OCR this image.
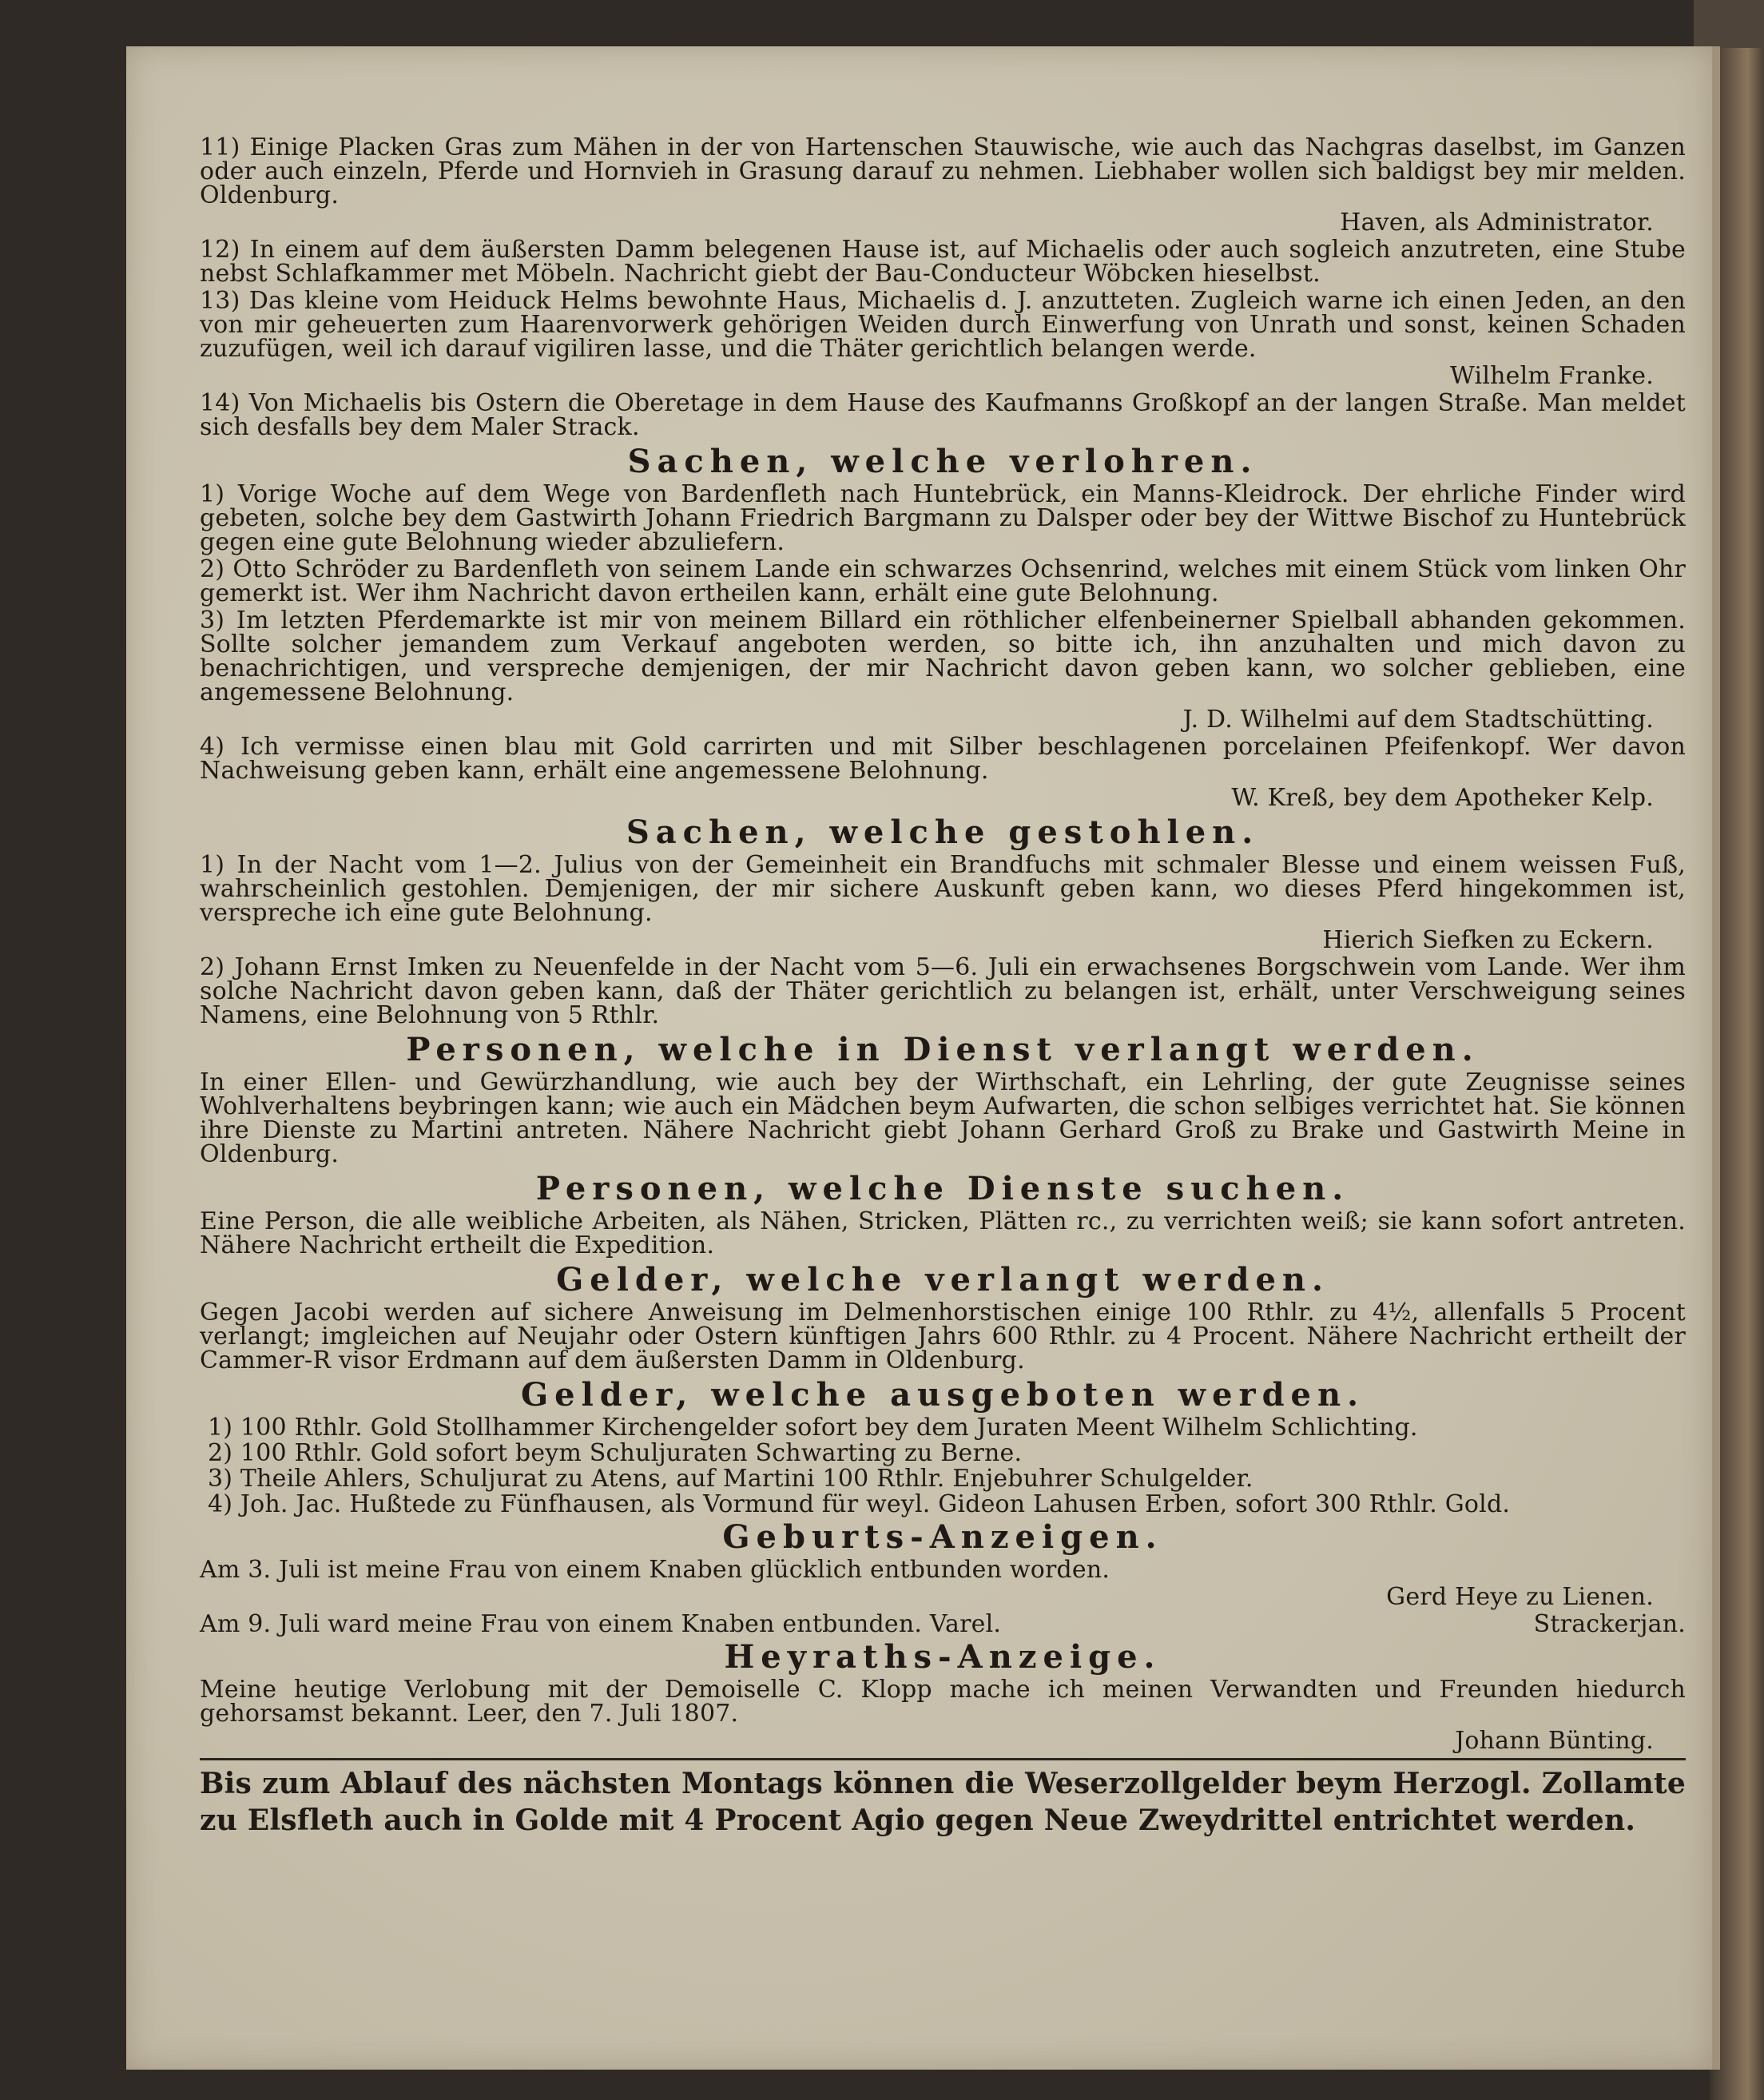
11) Einige Placken Gras zum Mähen in der von Hartenschen Stauwische, wie auch das Nachgras daselbst, im Ganzen oder auch einzeln, Pferde und Hornvieh in Grasung darauf zu nehmen. Liebhaber wollen sich baldigst bey mir melden. Oldenburg.

Haven, als Administrator.

12) In einem auf dem äußersten Damm belegenen Hause ist, auf Michaelis oder auch sogleich anzutreten, eine Stube nebst Schlafkammer met Möbeln. Nachricht giebt der Bau-Conducteur Wöbcken hieselbst.

13) Das kleine vom Heiduck Helms bewohnte Haus, Michaelis d. J. anzutteten. Zugleich warne ich einen Jeden, an den von mir geheuerten zum Haarenvorwerk gehörigen Weiden durch Einwerfung von Unrath und sonst, keinen Schaden zuzufügen, weil ich darauf vigiliren lasse, und die Thäter gerichtlich belangen werde.

Wilhelm Franke.

14) Von Michaelis bis Ostern die Oberetage in dem Hause des Kaufmanns Großkopf an der langen Straße. Man meldet sich desfalls bey dem Maler Strack.

Sachen, welche verlohren.

1) Vorige Woche auf dem Wege von Bardenfleth nach Huntebrück, ein Manns-Kleidrock. Der ehrliche Finder wird gebeten, solche bey dem Gastwirth Johann Friedrich Bargmann zu Dalsper oder bey der Wittwe Bischof zu Huntebrück gegen eine gute Belohnung wieder abzuliefern.

2) Otto Schröder zu Bardenfleth von seinem Lande ein schwarzes Ochsenrind, welches mit einem Stück vom linken Ohr gemerkt ist. Wer ihm Nachricht davon ertheilen kann, erhält eine gute Belohnung.

3) Im letzten Pferdemarkte ist mir von meinem Billard ein röthlicher elfenbeinerner Spielball abhanden gekommen. Sollte solcher jemandem zum Verkauf angeboten werden, so bitte ich, ihn anzuhalten und mich davon zu benachrichtigen, und verspreche demjenigen, der mir Nachricht davon geben kann, wo solcher geblieben, eine angemessene Belohnung.

J. D. Wilhelmi auf dem Stadtschütting.

4) Ich vermisse einen blau mit Gold carrirten und mit Silber beschlagenen porcelainen Pfeifenkopf. Wer davon Nachweisung geben kann, erhält eine angemessene Belohnung.

W. Kreß, bey dem Apotheker Kelp.

Sachen, welche gestohlen.

1) In der Nacht vom 1—2. Julius von der Gemeinheit ein Brandfuchs mit schmaler Blesse und einem weissen Fuß, wahrscheinlich gestohlen. Demjenigen, der mir sichere Auskunft geben kann, wo dieses Pferd hingekommen ist, verspreche ich eine gute Belohnung.

Hierich Siefken zu Eckern.

2) Johann Ernst Imken zu Neuenfelde in der Nacht vom 5—6. Juli ein erwachsenes Borgschwein vom Lande. Wer ihm solche Nachricht davon geben kann, daß der Thäter gerichtlich zu belangen ist, erhält, unter Verschweigung seines Namens, eine Belohnung von 5 Rthlr.

Personen, welche in Dienst verlangt werden.

In einer Ellen- und Gewürzhandlung, wie auch bey der Wirthschaft, ein Lehrling, der gute Zeugnisse seines Wohlverhaltens beybringen kann; wie auch ein Mädchen beym Aufwarten, die schon selbiges verrichtet hat. Sie können ihre Dienste zu Martini antreten. Nähere Nachricht giebt Johann Gerhard Groß zu Brake und Gastwirth Meine in Oldenburg.

Personen, welche Dienste suchen.

Eine Person, die alle weibliche Arbeiten, als Nähen, Stricken, Plätten rc., zu verrichten weiß; sie kann sofort antreten. Nähere Nachricht ertheilt die Expedition.

Gelder, welche verlangt werden.

Gegen Jacobi werden auf sichere Anweisung im Delmenhorstischen einige 100 Rthlr. zu 4½, allenfalls 5 Procent verlangt; imgleichen auf Neujahr oder Ostern künftigen Jahrs 600 Rthlr. zu 4 Procent. Nähere Nachricht ertheilt der Cammer-R visor Erdmann auf dem äußersten Damm in Oldenburg.

Gelder, welche ausgeboten werden.

1) 100 Rthlr. Gold Stollhammer Kirchengelder sofort bey dem Juraten Meent Wilhelm Schlichting.

2) 100 Rthlr. Gold sofort beym Schuljuraten Schwarting zu Berne.

3) Theile Ahlers, Schuljurat zu Atens, auf Martini 100 Rthlr. Enjebuhrer Schulgelder.

4) Joh. Jac. Hußtede zu Fünfhausen, als Vormund für weyl. Gideon Lahusen Erben, sofort 300 Rthlr. Gold.

Geburts-Anzeigen.

Am 3. Juli ist meine Frau von einem Knaben glücklich entbunden worden.

Gerd Heye zu Lienen.

Am 9. Juli ward meine Frau von einem Knaben entbunden. Varel.	Strackerjan.
Heyraths-Anzeige.

Meine heutige Verlobung mit der Demoiselle C. Klopp mache ich meinen Verwandten und Freunden hiedurch gehorsamst bekannt. Leer, den 7. Juli 1807.

Johann Bünting.

Bis zum Ablauf des nächsten Montags können die Weserzollgelder beym Herzogl. Zollamte zu Elsfleth auch in Golde mit 4 Procent Agio gegen Neue Zweydrittel entrichtet werden.
